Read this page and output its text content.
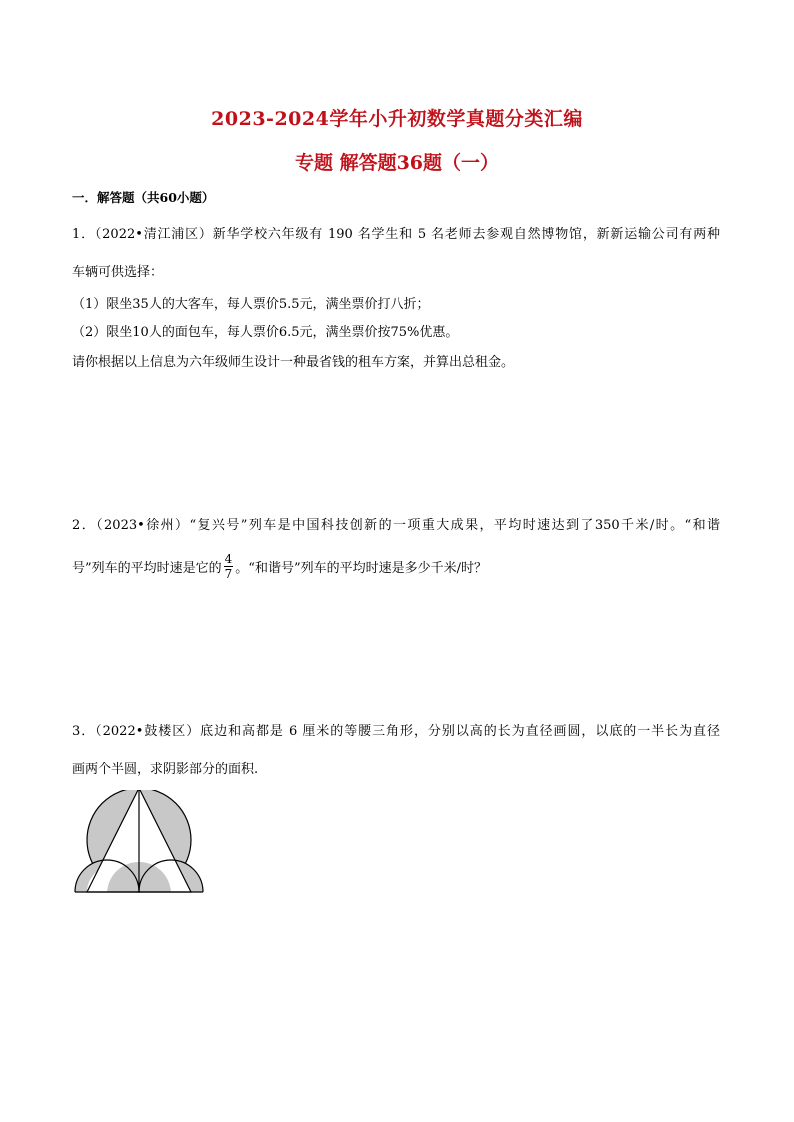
2023-2024学年小升初数学真题分类汇编
专题 解答题36题（一）
一．解答题（共60小题）
1．（2022•清江浦区）新华学校六年级有 190 名学生和 5 名老师去参观自然博物馆，新新运输公司有两种
车辆可供选择：
（1）限坐35人的大客车，每人票价5.5元，满坐票价打八折；
（2）限坐10人的面包车，每人票价6.5元，满坐票价按75%优惠。
请你根据以上信息为六年级师生设计一种最省钱的租车方案，并算出总租金。
2．（2023•徐州）“复兴号”列车是中国科技创新的一项重大成果，平均时速达到了350千米/时。“和谐
号”列车的平均时速是它的 $\frac{4}{7}$ 。“和谐号”列车的平均时速是多少千米/时？
3．（2022•鼓楼区）底边和高都是 6 厘米的等腰三角形，分别以高的长为直径画圆，以底的一半长为直径
画两个半圆，求阴影部分的面积.
